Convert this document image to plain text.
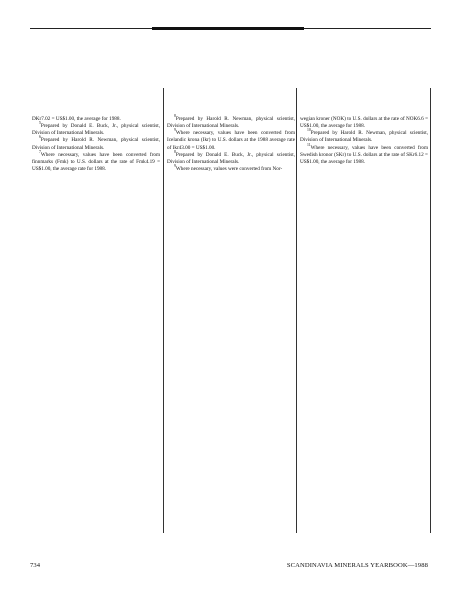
DKr7.02 = US$1.00, the average for 1988.

$^5$Prepared by Donald E. Buck, Jr., physical scientist, Division of International Minerals.

$^6$Prepared by Harold R. Newman, physical scientist, Division of International Minerals.

$^7$Where necessary, values have been converted from finnmarks (Fmk) to U.S. dollars at the rate of Fmk4.19 = US$1.00, the average rate for 1988.

$^8$Prepared by Harold R. Newman, physical scientist, Division of International Minerals.

$^9$Where necessary, values have been converted from Icelandic krona (Ikr) to U.S. dollars at the 1988 average rate of Ikr43.00 = US$1.00.

$^8$Prepared by Donald E. Buck, Jr., physical scientist, Division of International Minerals.

$^9$Where necessary, values were converted from Nor-

wegian kroner (NOK) to U.S. dollars at the rate of NOK6.6 = US$1.00, the average for 1988.

$^{10}$Prepared by Harold R. Newman, physical scientist, Division of International Minerals.

$^{11}$Where necessary, values have been converted from Swedish kronor (SKr) to U.S. dollars at the rate of SKr6.12 = US$1.00, the average for 1988.

734	SCANDINAVIA MINERALS YEARBOOK—1988
